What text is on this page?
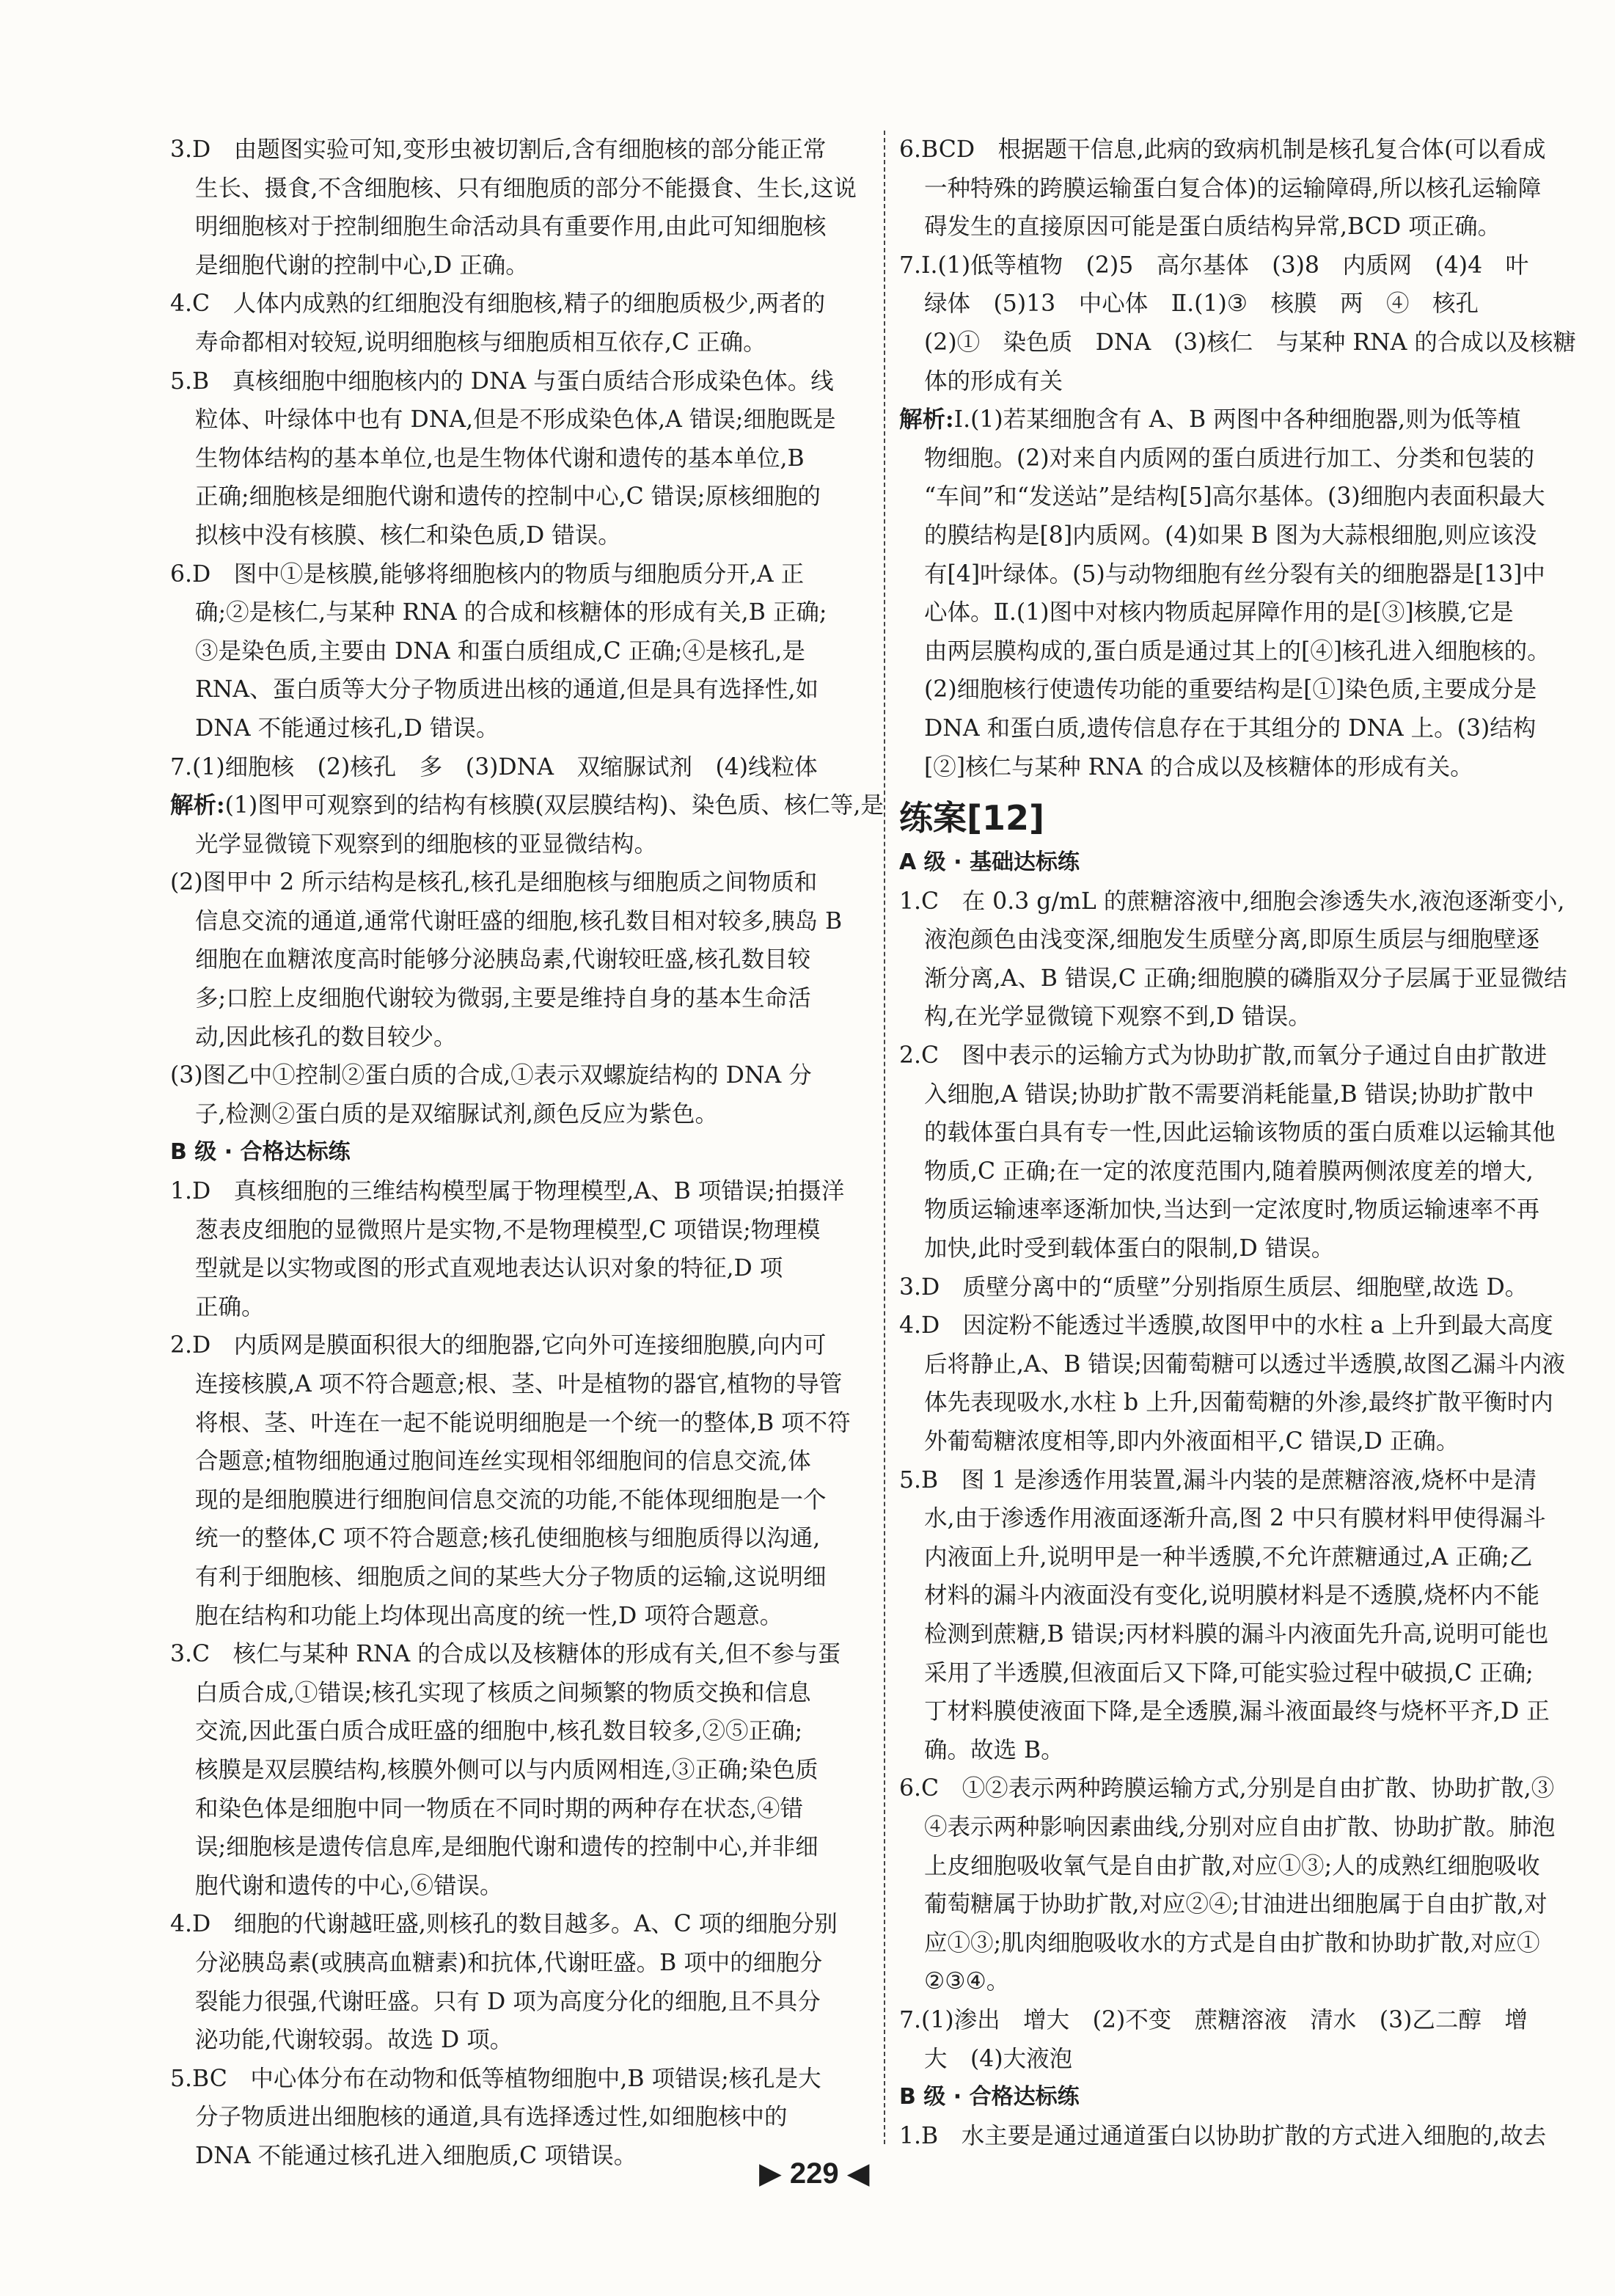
3.D　由题图实验可知,变形虫被切割后,含有细胞核的部分能正常
生长、摄食,不含细胞核、只有细胞质的部分不能摄食、生长,这说
明细胞核对于控制细胞生命活动具有重要作用,由此可知细胞核
是细胞代谢的控制中心,D 正确。
4.C　人体内成熟的红细胞没有细胞核,精子的细胞质极少,两者的
寿命都相对较短,说明细胞核与细胞质相互依存,C 正确。
5.B　真核细胞中细胞核内的 DNA 与蛋白质结合形成染色体。线
粒体、叶绿体中也有 DNA,但是不形成染色体,A 错误;细胞既是
生物体结构的基本单位,也是生物体代谢和遗传的基本单位,B
正确;细胞核是细胞代谢和遗传的控制中心,C 错误;原核细胞的
拟核中没有核膜、核仁和染色质,D 错误。
6.D　图中①是核膜,能够将细胞核内的物质与细胞质分开,A 正
确;②是核仁,与某种 RNA 的合成和核糖体的形成有关,B 正确;
③是染色质,主要由 DNA 和蛋白质组成,C 正确;④是核孔,是
RNA、蛋白质等大分子物质进出核的通道,但是具有选择性,如
DNA 不能通过核孔,D 错误。
7.(1)细胞核　(2)核孔　多　(3)DNA　双缩脲试剂　(4)线粒体
解析:(1)图甲可观察到的结构有核膜(双层膜结构)、染色质、核仁等,是
光学显微镜下观察到的细胞核的亚显微结构。
(2)图甲中 2 所示结构是核孔,核孔是细胞核与细胞质之间物质和
信息交流的通道,通常代谢旺盛的细胞,核孔数目相对较多,胰岛 B
细胞在血糖浓度高时能够分泌胰岛素,代谢较旺盛,核孔数目较
多;口腔上皮细胞代谢较为微弱,主要是维持自身的基本生命活
动,因此核孔的数目较少。
(3)图乙中①控制②蛋白质的合成,①表示双螺旋结构的 DNA 分
子,检测②蛋白质的是双缩脲试剂,颜色反应为紫色。
B 级 · 合格达标练
1.D　真核细胞的三维结构模型属于物理模型,A、B 项错误;拍摄洋
葱表皮细胞的显微照片是实物,不是物理模型,C 项错误;物理模
型就是以实物或图的形式直观地表达认识对象的特征,D 项
正确。
2.D　内质网是膜面积很大的细胞器,它向外可连接细胞膜,向内可
连接核膜,A 项不符合题意;根、茎、叶是植物的器官,植物的导管
将根、茎、叶连在一起不能说明细胞是一个统一的整体,B 项不符
合题意;植物细胞通过胞间连丝实现相邻细胞间的信息交流,体
现的是细胞膜进行细胞间信息交流的功能,不能体现细胞是一个
统一的整体,C 项不符合题意;核孔使细胞核与细胞质得以沟通,
有利于细胞核、细胞质之间的某些大分子物质的运输,这说明细
胞在结构和功能上均体现出高度的统一性,D 项符合题意。
3.C　核仁与某种 RNA 的合成以及核糖体的形成有关,但不参与蛋
白质合成,①错误;核孔实现了核质之间频繁的物质交换和信息
交流,因此蛋白质合成旺盛的细胞中,核孔数目较多,②⑤正确;
核膜是双层膜结构,核膜外侧可以与内质网相连,③正确;染色质
和染色体是细胞中同一物质在不同时期的两种存在状态,④错
误;细胞核是遗传信息库,是细胞代谢和遗传的控制中心,并非细
胞代谢和遗传的中心,⑥错误。
4.D　细胞的代谢越旺盛,则核孔的数目越多。A、C 项的细胞分别
分泌胰岛素(或胰高血糖素)和抗体,代谢旺盛。B 项中的细胞分
裂能力很强,代谢旺盛。只有 D 项为高度分化的细胞,且不具分
泌功能,代谢较弱。故选 D 项。
5.BC　中心体分布在动物和低等植物细胞中,B 项错误;核孔是大
分子物质进出细胞核的通道,具有选择透过性,如细胞核中的
DNA 不能通过核孔进入细胞质,C 项错误。
6.BCD　根据题干信息,此病的致病机制是核孔复合体(可以看成
一种特殊的跨膜运输蛋白复合体)的运输障碍,所以核孔运输障
碍发生的直接原因可能是蛋白质结构异常,BCD 项正确。
7.Ⅰ.(1)低等植物　(2)5　高尔基体　(3)8　内质网　(4)4　叶
绿体　(5)13　中心体　Ⅱ.(1)③　核膜　两　④　核孔
(2)①　染色质　DNA　(3)核仁　与某种 RNA 的合成以及核糖
体的形成有关
解析:Ⅰ.(1)若某细胞含有 A、B 两图中各种细胞器,则为低等植
物细胞。(2)对来自内质网的蛋白质进行加工、分类和包装的
“车间”和“发送站”是结构[5]高尔基体。(3)细胞内表面积最大
的膜结构是[8]内质网。(4)如果 B 图为大蒜根细胞,则应该没
有[4]叶绿体。(5)与动物细胞有丝分裂有关的细胞器是[13]中
心体。Ⅱ.(1)图中对核内物质起屏障作用的是[③]核膜,它是
由两层膜构成的,蛋白质是通过其上的[④]核孔进入细胞核的。
(2)细胞核行使遗传功能的重要结构是[①]染色质,主要成分是
DNA 和蛋白质,遗传信息存在于其组分的 DNA 上。(3)结构
[②]核仁与某种 RNA 的合成以及核糖体的形成有关。
练案[12]
A 级 · 基础达标练
1.C　在 0.3 g/mL 的蔗糖溶液中,细胞会渗透失水,液泡逐渐变小,
液泡颜色由浅变深,细胞发生质壁分离,即原生质层与细胞壁逐
渐分离,A、B 错误,C 正确;细胞膜的磷脂双分子层属于亚显微结
构,在光学显微镜下观察不到,D 错误。
2.C　图中表示的运输方式为协助扩散,而氧分子通过自由扩散进
入细胞,A 错误;协助扩散不需要消耗能量,B 错误;协助扩散中
的载体蛋白具有专一性,因此运输该物质的蛋白质难以运输其他
物质,C 正确;在一定的浓度范围内,随着膜两侧浓度差的增大,
物质运输速率逐渐加快,当达到一定浓度时,物质运输速率不再
加快,此时受到载体蛋白的限制,D 错误。
3.D　质壁分离中的“质壁”分别指原生质层、细胞壁,故选 D。
4.D　因淀粉不能透过半透膜,故图甲中的水柱 a 上升到最大高度
后将静止,A、B 错误;因葡萄糖可以透过半透膜,故图乙漏斗内液
体先表现吸水,水柱 b 上升,因葡萄糖的外渗,最终扩散平衡时内
外葡萄糖浓度相等,即内外液面相平,C 错误,D 正确。
5.B　图 1 是渗透作用装置,漏斗内装的是蔗糖溶液,烧杯中是清
水,由于渗透作用液面逐渐升高,图 2 中只有膜材料甲使得漏斗
内液面上升,说明甲是一种半透膜,不允许蔗糖通过,A 正确;乙
材料的漏斗内液面没有变化,说明膜材料是不透膜,烧杯内不能
检测到蔗糖,B 错误;丙材料膜的漏斗内液面先升高,说明可能也
采用了半透膜,但液面后又下降,可能实验过程中破损,C 正确;
丁材料膜使液面下降,是全透膜,漏斗液面最终与烧杯平齐,D 正
确。故选 B。
6.C　①②表示两种跨膜运输方式,分别是自由扩散、协助扩散,③
④表示两种影响因素曲线,分别对应自由扩散、协助扩散。肺泡
上皮细胞吸收氧气是自由扩散,对应①③;人的成熟红细胞吸收
葡萄糖属于协助扩散,对应②④;甘油进出细胞属于自由扩散,对
应①③;肌肉细胞吸收水的方式是自由扩散和协助扩散,对应①
②③④。
7.(1)渗出　增大　(2)不变　蔗糖溶液　清水　(3)乙二醇　增
大　(4)大液泡
B 级 · 合格达标练
1.B　水主要是通过通道蛋白以协助扩散的方式进入细胞的,故去
▶ 229 ◀
